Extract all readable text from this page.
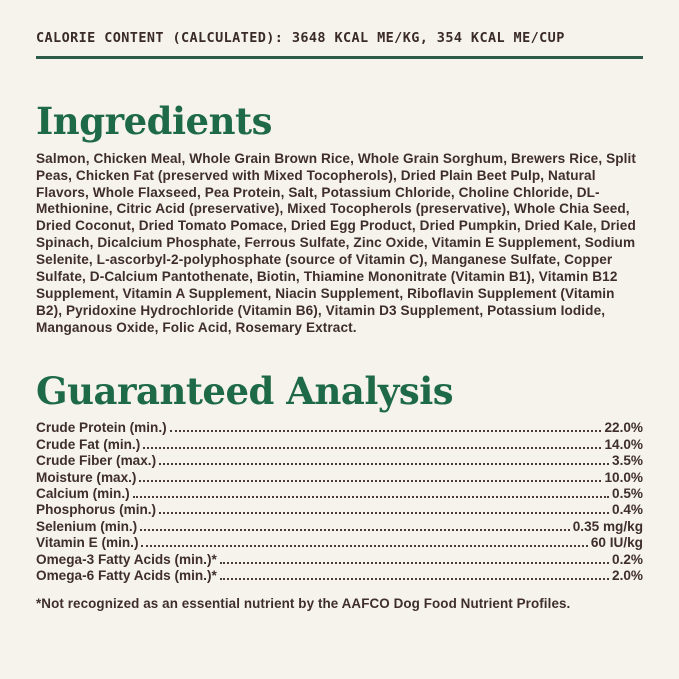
CALORIE CONTENT (CALCULATED): 3648 KCAL ME/KG, 354 KCAL ME/CUP
Ingredients

Salmon, Chicken Meal, Whole Grain Brown Rice, Whole Grain Sorghum, Brewers Rice, Split Peas, Chicken Fat (preserved with Mixed Tocopherols), Dried Plain Beet Pulp, Natural Flavors, Whole Flaxseed, Pea Protein, Salt, Potassium Chloride, Choline Chloride, DL-Methionine, Citric Acid (preservative), Mixed Tocopherols (preservative), Whole Chia Seed, Dried Coconut, Dried Tomato Pomace, Dried Egg Product, Dried Pumpkin, Dried Kale, Dried Spinach, Dicalcium Phosphate, Ferrous Sulfate, Zinc Oxide, Vitamin E Supplement, Sodium Selenite, L-ascorbyl-2-polyphosphate (source of Vitamin C), Manganese Sulfate, Copper Sulfate, D-Calcium Pantothenate, Biotin, Thiamine Mononitrate (Vitamin B1), Vitamin B12 Supplement, Vitamin A Supplement, Niacin Supplement, Riboflavin Supplement (Vitamin B2), Pyridoxine Hydrochloride (Vitamin B6), Vitamin D3 Supplement, Potassium Iodide, Manganous Oxide, Folic Acid, Rosemary Extract.

Guaranteed Analysis
Crude Protein (min.)	22.0%
Crude Fat (min.)	14.0%
Crude Fiber (max.)	3.5%
Moisture (max.)	10.0%
Calcium (min.)	0.5%
Phosphorus (min.)	0.4%
Selenium (min.)	0.35 mg/kg
Vitamin E (min.)	60 IU/kg
Omega-3 Fatty Acids (min.)*	0.2%
Omega-6 Fatty Acids (min.)*	2.0%
*Not recognized as an essential nutrient by the AAFCO Dog Food Nutrient Profiles.
